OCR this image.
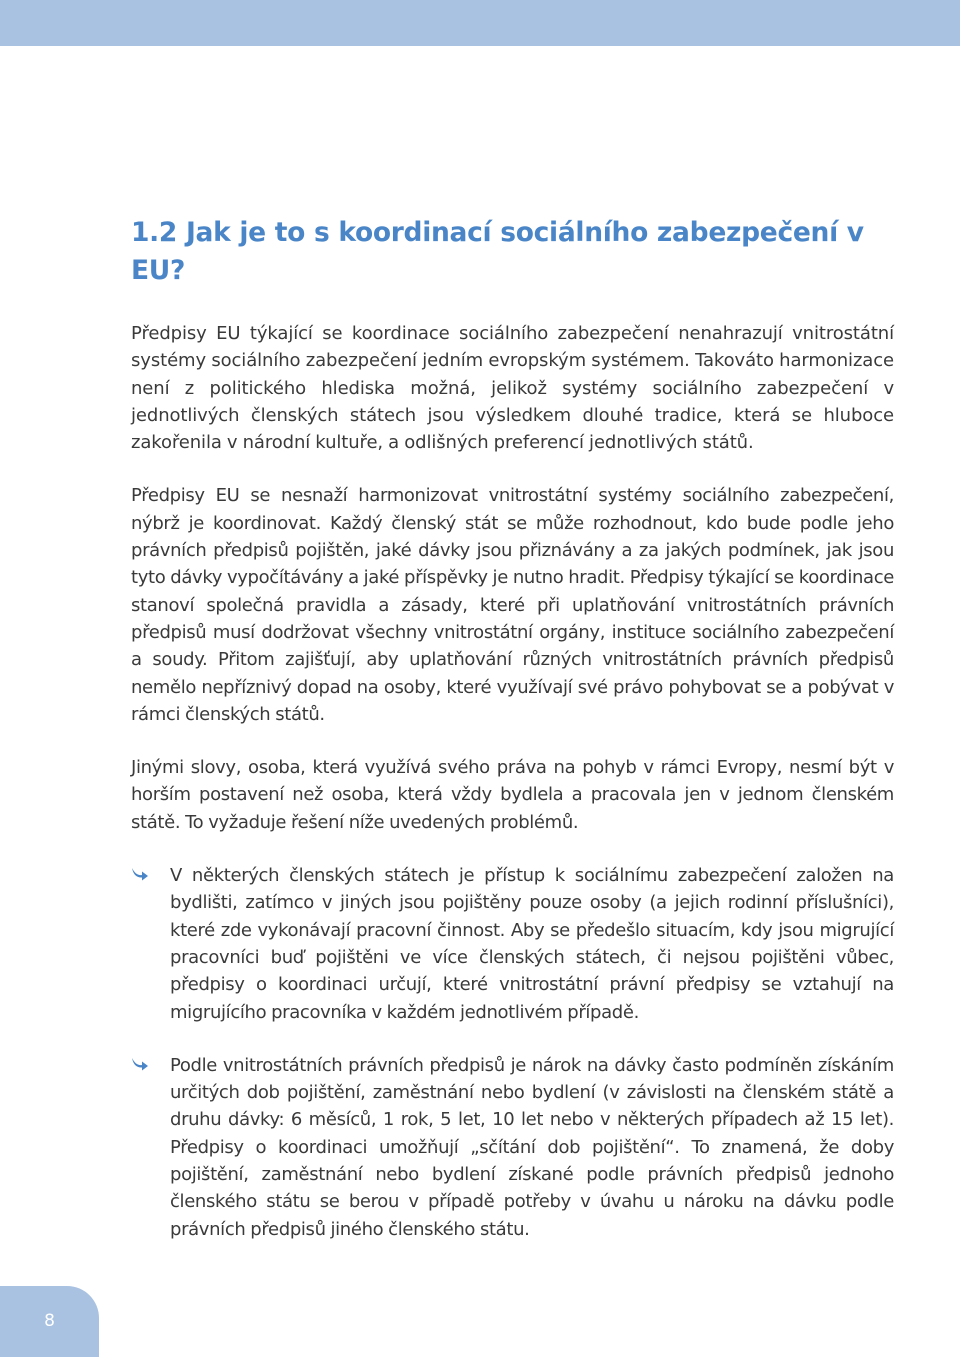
1.2 Jak je to s koordinací sociálního zabezpečení v EU?

Předpisy EU týkající se koordinace sociálního zabezpečení nenahrazují vnitrostátní systémy sociálního zabezpečení jedním evropským systémem. Takováto harmonizace není z politického hlediska možná, jelikož systémy sociálního zabezpečení v jednotlivých členských státech jsou výsledkem dlouhé tradice, která se hluboce zakořenila v národní kultuře, a odlišných preferencí jednotlivých států.

Předpisy EU se nesnaží harmonizovat vnitrostátní systémy sociálního zabezpečení, nýbrž je koordinovat. Každý členský stát se může rozhodnout, kdo bude podle jeho právních předpisů pojištěn, jaké dávky jsou přiznávány a za jakých podmínek, jak jsou tyto dávky vypočítávány a jaké příspěvky je nutno hradit. Předpisy týkající se koordinace stanoví společná pravidla a zásady, které při uplatňování vnitrostátních právních předpisů musí dodržovat všechny vnitrostátní orgány, instituce sociálního zabezpečení a soudy. Přitom zajišťují, aby uplatňování různých vnitrostátních právních předpisů nemělo nepříznivý dopad na osoby, které využívají své právo pohybovat se a pobývat v rámci členských států.

Jinými slovy, osoba, která využívá svého práva na pohyb v rámci Evropy, nesmí být v horším postavení než osoba, která vždy bydlela a pracovala jen v jednom členském státě. To vyžaduje řešení níže uvedených problémů.

V některých členských státech je přístup k sociálnímu zabezpečení založen na bydlišti, zatímco v jiných jsou pojištěny pouze osoby (a jejich rodinní příslušníci), které zde vykonávají pracovní činnost. Aby se předešlo situacím, kdy jsou migrující pracovníci buď pojištěni ve více členských státech, či nejsou pojištěni vůbec, předpisy o koordinaci určují, které vnitrostátní právní předpisy se vztahují na migrujícího pracovníka v každém jednotlivém případě.

Podle vnitrostátních právních předpisů je nárok na dávky často podmíněn získáním určitých dob pojištění, zaměstnání nebo bydlení (v závislosti na členském státě a druhu dávky: 6 měsíců, 1 rok, 5 let, 10 let nebo v některých případech až 15 let). Předpisy o koordinaci umožňují „sčítání dob pojištění“. To znamená, že doby pojištění, zaměstnání nebo bydlení získané podle právních předpisů jednoho členského státu se berou v případě potřeby v úvahu u nároku na dávku podle právních předpisů jiného členského státu.

8
